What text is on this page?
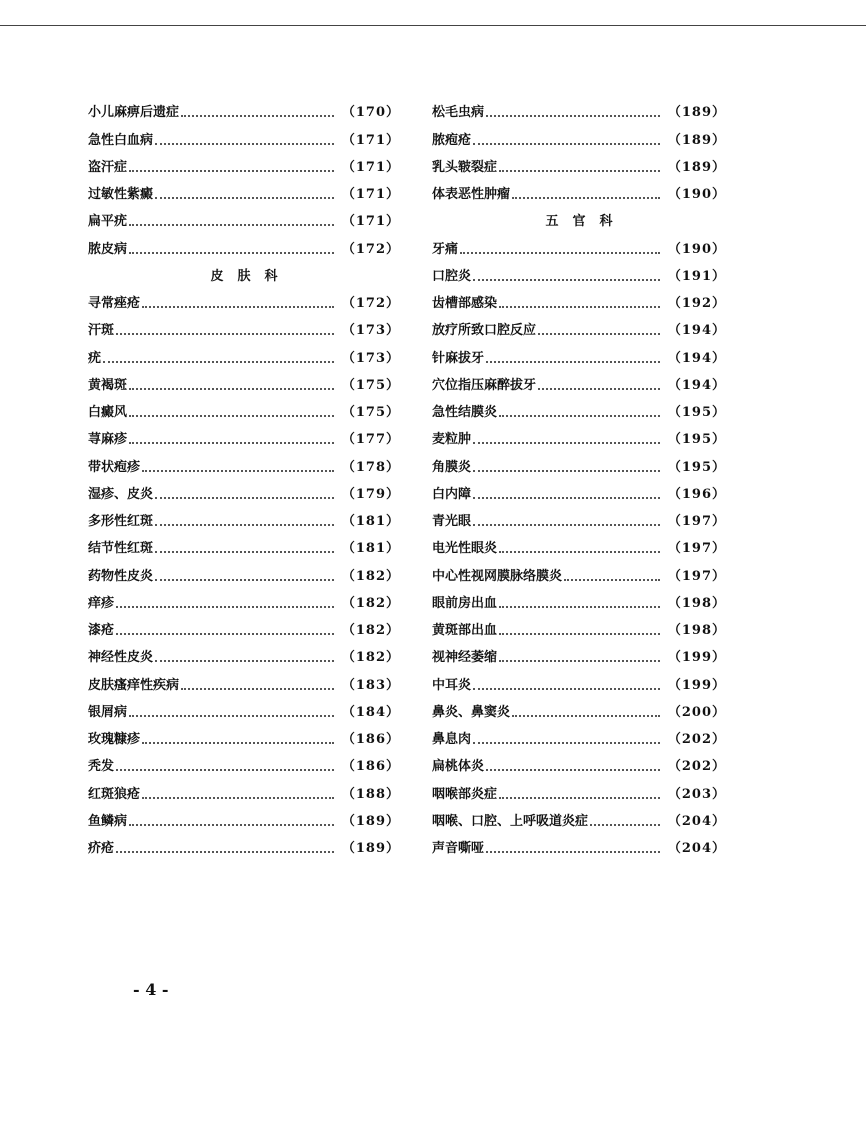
小儿麻痹后遗症	（170）
急性白血病	（171）
盗汗症	（171）
过敏性紫癜	（171）
扁平疣	（171）
脓皮病	（172）
皮肤科
寻常痤疮	（172）
汗斑	（173）
疣	（173）
黄褐斑	（175）
白癜风	（175）
荨麻疹	（177）
带状疱疹	（178）
湿疹、皮炎	（179）
多形性红斑	（181）
结节性红斑	（181）
药物性皮炎	（182）
痒疹	（182）
漆疮	（182）
神经性皮炎	（182）
皮肤瘙痒性疾病	（183）
银屑病	（184）
玫瑰糠疹	（186）
秃发	（186）
红斑狼疮	（188）
鱼鳞病	（189）
疥疮	（189）
松毛虫病	（189）
脓疱疮	（189）
乳头皲裂症	（189）
体表恶性肿瘤	（190）
五官科
牙痛	（190）
口腔炎	（191）
齿槽部感染	（192）
放疗所致口腔反应	（194）
针麻拔牙	（194）
穴位指压麻醉拔牙	（194）
急性结膜炎	（195）
麦粒肿	（195）
角膜炎	（195）
白内障	（196）
青光眼	（197）
电光性眼炎	（197）
中心性视网膜脉络膜炎	（197）
眼前房出血	（198）
黄斑部出血	（198）
视神经萎缩	（199）
中耳炎	（199）
鼻炎、鼻窦炎	（200）
鼻息肉	（202）
扁桃体炎	（202）
咽喉部炎症	（203）
咽喉、口腔、上呼吸道炎症	（204）
声音嘶哑	（204）
- 4 -
